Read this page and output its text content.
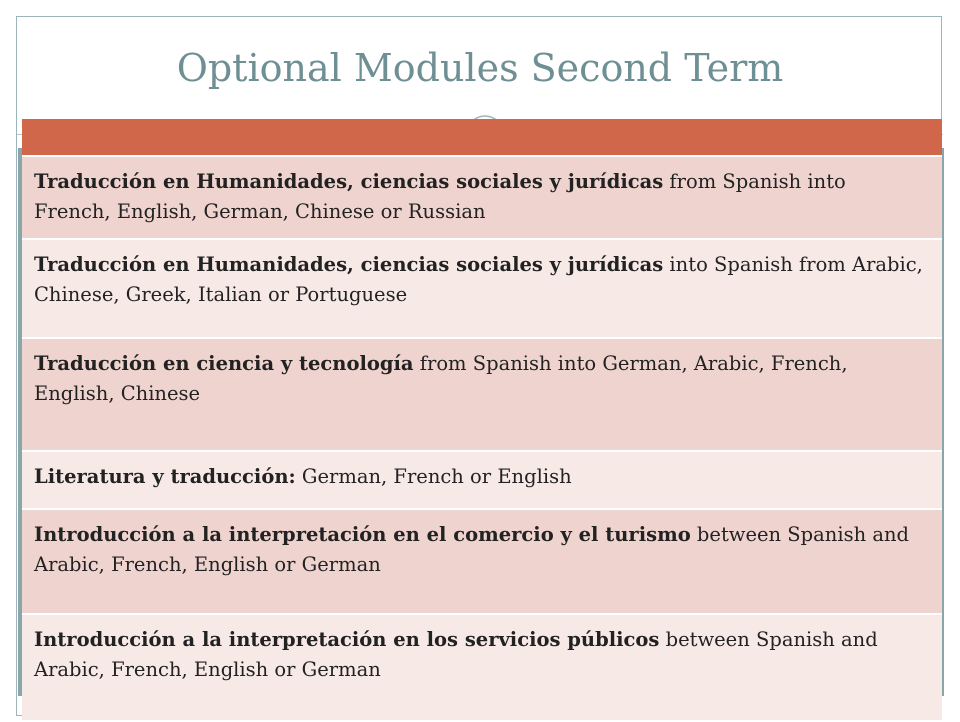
Optional Modules Second Term
Traducción en Humanidades, ciencias sociales y jurídicas from Spanish into French, English, German, Chinese or Russian
Traducción en Humanidades, ciencias sociales y jurídicas into Spanish from Arabic, Chinese, Greek, Italian or Portuguese
Traducción en ciencia y tecnología from Spanish into German, Arabic, French, English, Chinese
Literatura y traducción: German, French or English
Introducción a la interpretación en el comercio y el turismo between Spanish and Arabic, French, English or German
Introducción a la interpretación en los servicios públicos between Spanish and Arabic, French, English or German
